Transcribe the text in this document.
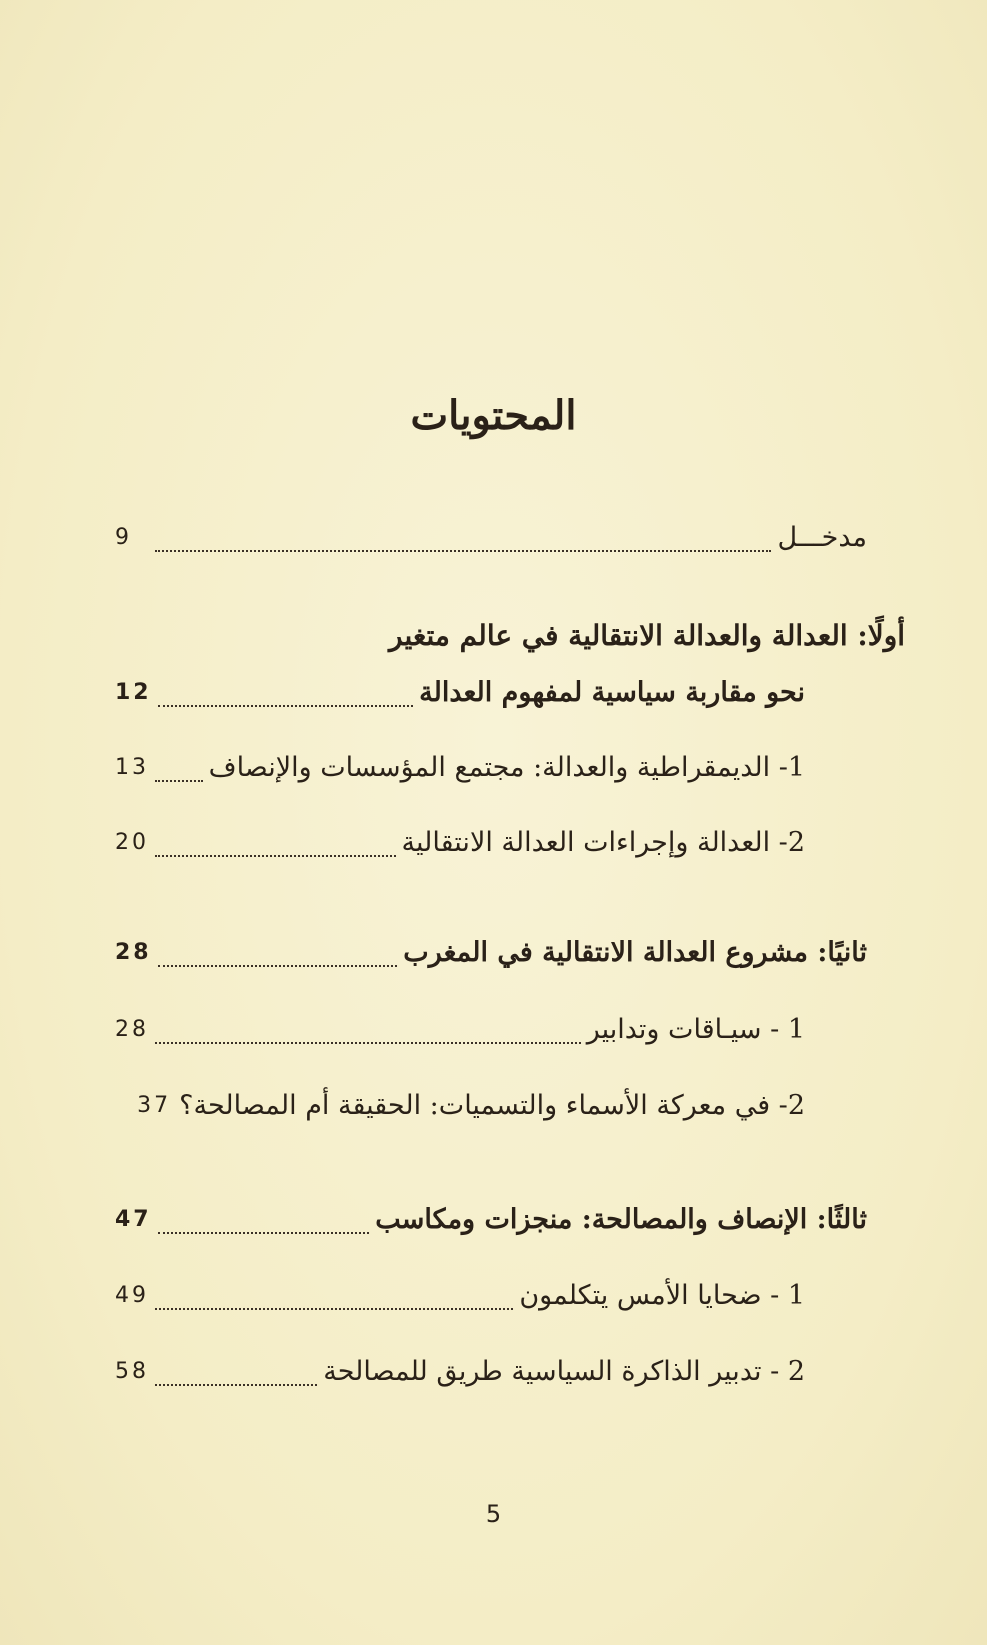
المحتويات
مدخـــل
9
أولًا: العدالة والعدالة الانتقالية في عالم متغير
نحو مقاربة سياسية لمفهوم العدالة
12
1- الديمقراطية والعدالة: مجتمع المؤسسات والإنصاف
13
2- العدالة وإجراءات العدالة الانتقالية
20
ثانيًا: مشروع العدالة الانتقالية في المغرب
28
1 - سيـاقات وتدابير
28
2- في معركة الأسماء والتسميات: الحقيقة أم المصالحة؟
37
ثالثًا: الإنصاف والمصالحة: منجزات ومكاسب
47
1 - ضحايا الأمس يتكلمون
49
2 - تدبير الذاكرة السياسية طريق للمصالحة
58
5
